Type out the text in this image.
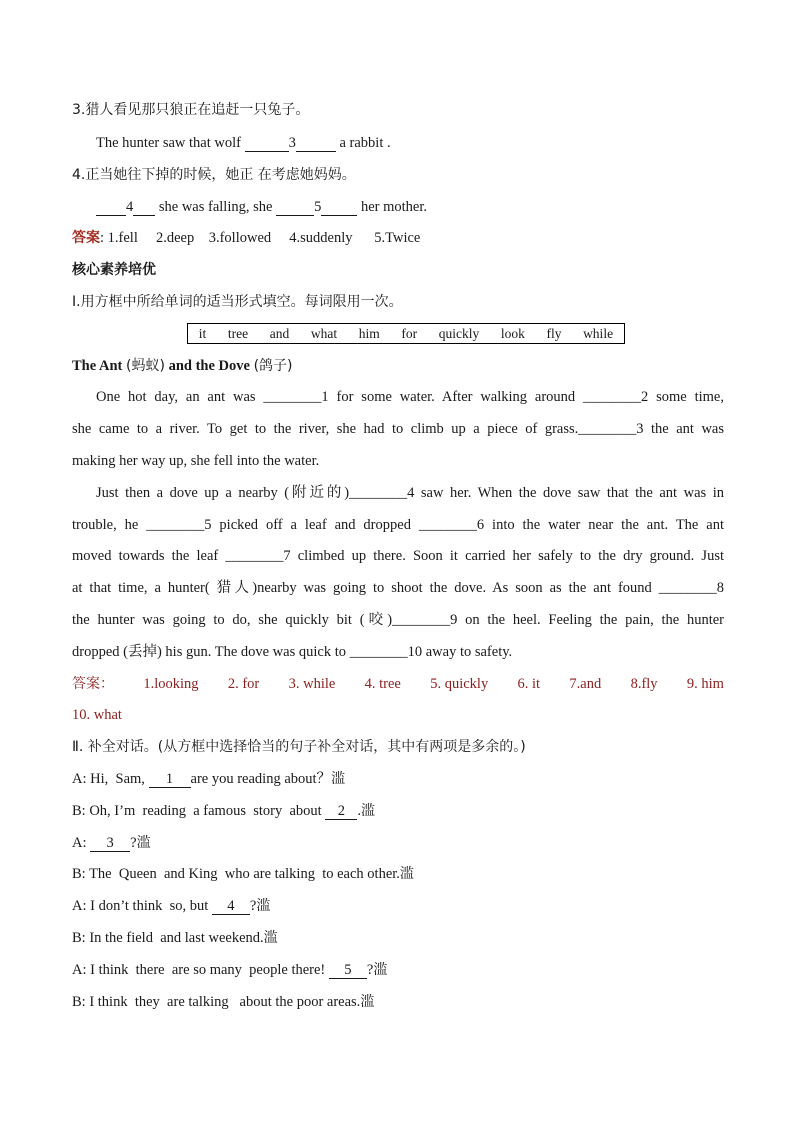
3.猎人看见那只狼正在追赶一只兔子。
The hunter saw that wolf	3	a rabbit .
4.正当她往下掉的时候，她正 在考虑她妈妈。
4  she was falling, she	5  her mother.
答案: 1.fell     2.deep    3.followed     4.suddenly      5.Twice
核心素养培优
Ⅰ.用方框中所给单词的适当形式填空。每词限用一次。
it tree and what him for quickly look fly while
The Ant (蚂蚁) and the Dove (鸽子)
One hot day, an ant was ________1 for some water. After walking around ________2 some time,
she came to a river. To get to the river, she had to climb up a piece of grass.________3 the ant was
making her way up, she fell into the water.
Just then a dove up a nearby (附近的)________4 saw her. When the dove saw that the ant was in
trouble, he ________5 picked off a leaf and dropped ________6 into the water near the ant. The ant
moved towards the leaf ________7 climbed up there. Soon it carried her safely to the dry ground. Just
at that time, a hunter( 猎人)nearby was going to shoot the dove. As soon as the ant found ________8
the hunter was going to do, she quickly bit (咬)________9 on the heel. Feeling the pain, the hunter
dropped (丢掉) his gun. The dove was quick to ________10 away to safety.
答案： 1.looking 2. for 3. while 4. tree 5. quickly 6. it 7.and 8.fly 9. him
10. what
Ⅱ. 补全对话。(从方框中选择恰当的句子补全对话，其中有两项是多余的。)
A: Hi,  Sam, 1 are you reading about？滥
B: Oh, I’m  reading  a famous  story  about 2 .滥
A: 3 ?滥
B: The  Queen  and King  who are talking  to each other.滥
A: I don’t think  so, but 4 ?滥
B: In the field  and last weekend.滥
A: I think  there  are so many  people there! 5 ?滥
B: I think  they  are talking   about the poor areas.滥
